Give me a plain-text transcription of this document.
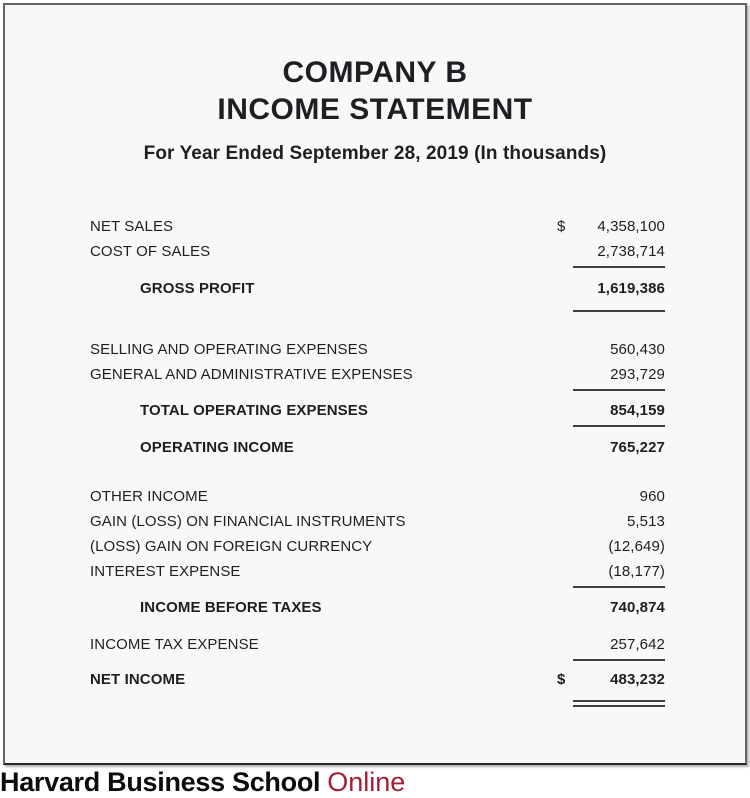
COMPANY B
INCOME STATEMENT
For Year Ended September 28, 2019 (In thousands)
NET SALES	$	4,358,100
COST OF SALES	2,738,714
GROSS PROFIT	1,619,386
SELLING AND OPERATING EXPENSES	560,430
GENERAL AND ADMINISTRATIVE EXPENSES	293,729
TOTAL OPERATING EXPENSES	854,159
OPERATING INCOME	765,227
OTHER INCOME	960
GAIN (LOSS) ON FINANCIAL INSTRUMENTS	5,513
(LOSS) GAIN ON FOREIGN CURRENCY	(12,649)
INTEREST EXPENSE	(18,177)
INCOME BEFORE TAXES	740,874
INCOME TAX EXPENSE	257,642
NET INCOME	$	483,232
Harvard Business School Online
